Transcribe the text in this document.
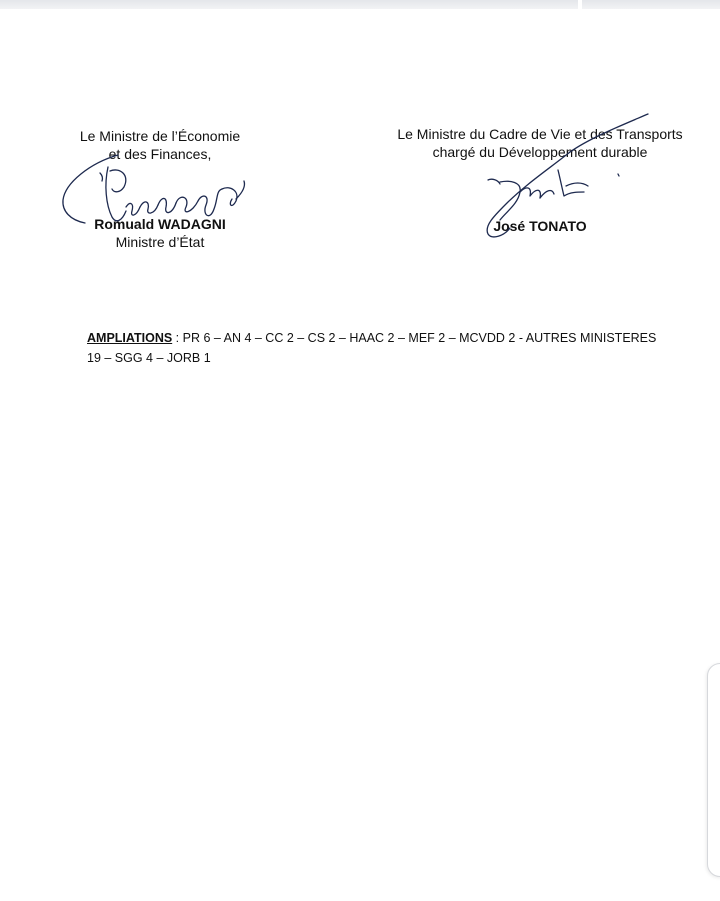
Le Ministre de l’Économie
et des Finances,
Romuald WADAGNI
Ministre d’État
Le Ministre du Cadre de Vie et des Transports
chargé du Développement durable
José TONATO
AMPLIATIONS : PR 6 – AN 4 – CC 2 – CS 2 – HAAC 2 – MEF 2 – MCVDD 2 - AUTRES MINISTERES
19 – SGG 4 – JORB 1
